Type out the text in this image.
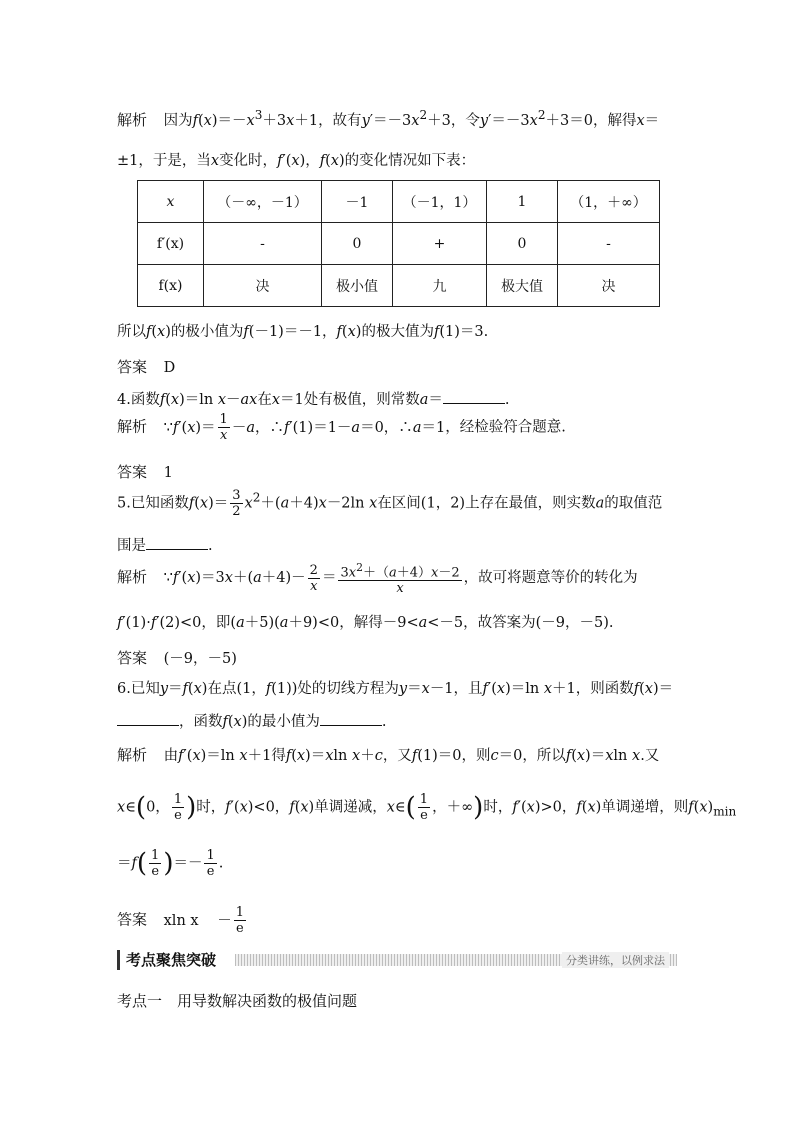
解析 因为$f(x)=-x^3+3x+1$，故有$y'=-3x^2+3$，令$y'=-3x^2+3=0$，解得x＝
±1，于是，当x变化时，f′(x)，f(x)的变化情况如下表：
x	（－∞，－1）	－1	（－1，1）	1	（1，＋∞）
f′(x)	-	0	+	0	-
f(x)	决	极小值	九	极大值	决
所以f(x)的极小值为f(－1)＝－1，f(x)的极大值为f(1)＝3.
答案 D
4.函数f(x)＝ln x－ax在x＝1处有极值，则常数a＝	.
解析 ∵f′(x)＝ $\frac{1}{x} -a$，∴f′(1)＝1－a＝0，∴a＝1，经检验符合题意.
答案 1
5.已知函数$f(x)= \frac{3}{2} x^2+(a+4)x-2\ln$ x在区间(1，2)上存在最值，则实数a的取值范
围是	.
解析 ∵f′(x)＝3x＋(a＋4)－ $\frac{2}{x} = \frac{3x^2+(a+4)x-2}{x}$ ，故可将题意等价的转化为
f′(1)·f′(2)<0，即(a＋5)(a＋9)<0，解得－9<a<－5，故答案为(－9，－5).
答案 (－9，－5)
6.已知y＝f(x)在点(1，f(1))处的切线方程为y＝x－1，且f′(x)＝ln x＋1，则函数f(x)＝
，函数f(x)的最小值为	.
解析 由f′(x)＝ln x＋1得f(x)＝xln x＋c，又f(1)＝0，则c＝0，所以f(x)＝xln x.又
x∈(0， $\frac{1}{e}$ )时，f′(x)<0，f(x)单调递减，x∈( $\frac{1}{e}$ ，＋∞)时，f′(x)>0，f(x)单调递增，则$f(x)_{min}$
$=f( \frac{1}{e}$ )＝－ $\frac{1}{e}$ .
答案 xln $x - \frac{1}{e}$
考点聚焦突破	分类讲练，以例求法
考点一　用导数解决函数的极值问题
